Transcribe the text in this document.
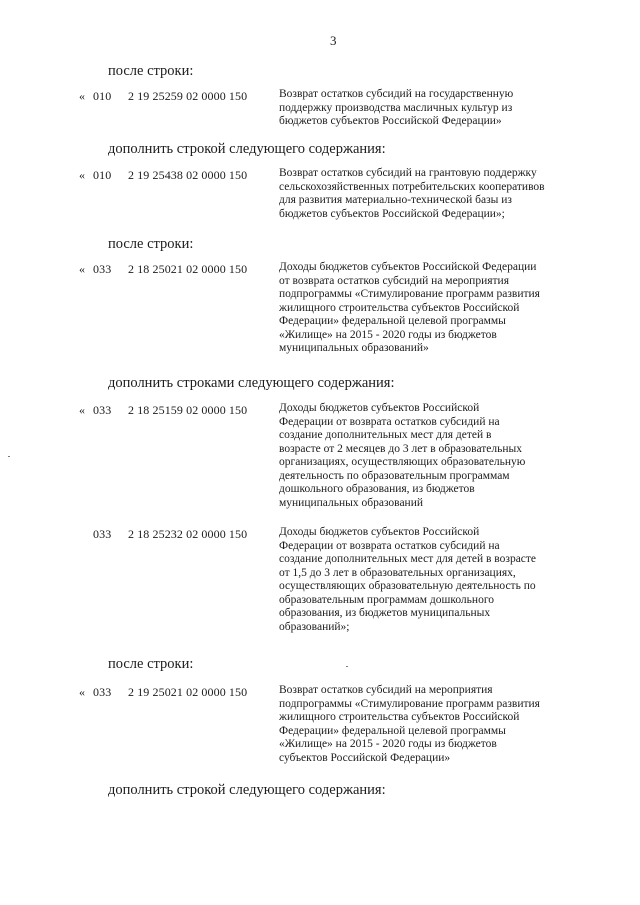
3
после строки:
дополнить строкой следующего содержания:
после строки:
дополнить строками следующего содержания:
после строки:
дополнить строкой следующего содержания:
« 010 2 19 25259 02 0000 150	Возврат остатков субсидий на государственную
поддержку производства масличных культур из
бюджетов субъектов Российской Федерации»
« 010 2 19 25438 02 0000 150	Возврат остатков субсидий на грантовую поддержку
сельскохозяйственных потребительских кооперативов
для развития материально-технической базы из
бюджетов субъектов Российской Федерации»;
« 033 2 18 25021 02 0000 150	Доходы бюджетов субъектов Российской Федерации
от возврата остатков субсидий на мероприятия
подпрограммы «Стимулирование программ развития
жилищного строительства субъектов Российской
Федерации» федеральной целевой программы
«Жилище» на 2015 - 2020 годы из бюджетов
муниципальных образований»
« 033 2 18 25159 02 0000 150	Доходы бюджетов субъектов Российской
Федерации от возврата остатков субсидий на
создание дополнительных мест для детей в
возрасте от 2 месяцев до 3 лет в образовательных
организациях, осуществляющих образовательную
деятельность по образовательным программам
дошкольного образования, из бюджетов
муниципальных образований
033 2 18 25232 02 0000 150	Доходы бюджетов субъектов Российской
Федерации от возврата остатков субсидий на
создание дополнительных мест для детей в возрасте
от 1,5 до 3 лет в образовательных организациях,
осуществляющих образовательную деятельность по
образовательным программам дошкольного
образования, из бюджетов муниципальных
образований»;
« 033 2 19 25021 02 0000 150	Возврат остатков субсидий на мероприятия
подпрограммы «Стимулирование программ развития
жилищного строительства субъектов Российской
Федерации» федеральной целевой программы
«Жилище» на 2015 - 2020 годы из бюджетов
субъектов Российской Федерации»
